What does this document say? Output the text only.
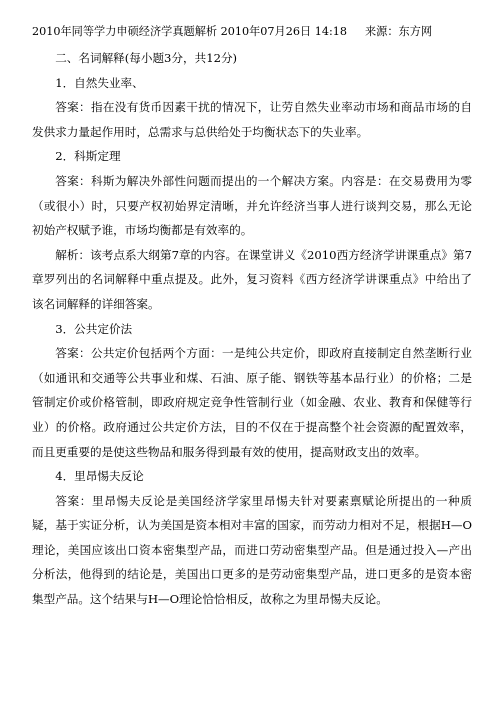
2010年同等学力申硕经济学真题解析 2010年07月26日 14:18 来源：东方网

二、名词解释(每小题3分，共12分)

1．自然失业率、

答案：指在没有货币因素干扰的情况下，让劳自然失业率动市场和商品市场的自发供求力量起作用时，总需求与总供给处于均衡状态下的失业率。

2．科斯定理

答案：科斯为解决外部性问题而提出的一个解决方案。内容是：在交易费用为零（或很小）时，只要产权初始界定清晰，并允许经济当事人进行谈判交易，那么无论初始产权赋予谁，市场均衡都是有效率的。

解析：该考点系大纲第7章的内容。在课堂讲义《2010西方经济学讲课重点》第7章罗列出的名词解释中重点提及。此外，复习资料《西方经济学讲课重点》中给出了该名词解释的详细答案。

3．公共定价法

答案：公共定价包括两个方面：一是纯公共定价，即政府直接制定自然垄断行业（如通讯和交通等公共事业和煤、石油、原子能、钢铁等基本品行业）的价格；二是管制定价或价格管制，即政府规定竞争性管制行业（如金融、农业、教育和保健等行业）的价格。政府通过公共定价方法，目的不仅在于提高整个社会资源的配置效率，而且更重要的是使这些物品和服务得到最有效的使用，提高财政支出的效率。

4．里昂惕夫反论

答案：里昂惕夫反论是美国经济学家里昂惕夫针对要素禀赋论所提出的一种质疑，基于实证分析，认为美国是资本相对丰富的国家，而劳动力相对不足，根据H—O理论，美国应该出口资本密集型产品，而进口劳动密集型产品。但是通过投入—产出分析法，他得到的结论是，美国出口更多的是劳动密集型产品，进口更多的是资本密集型产品。这个结果与H—O理论恰恰相反，故称之为里昂惕夫反论。
